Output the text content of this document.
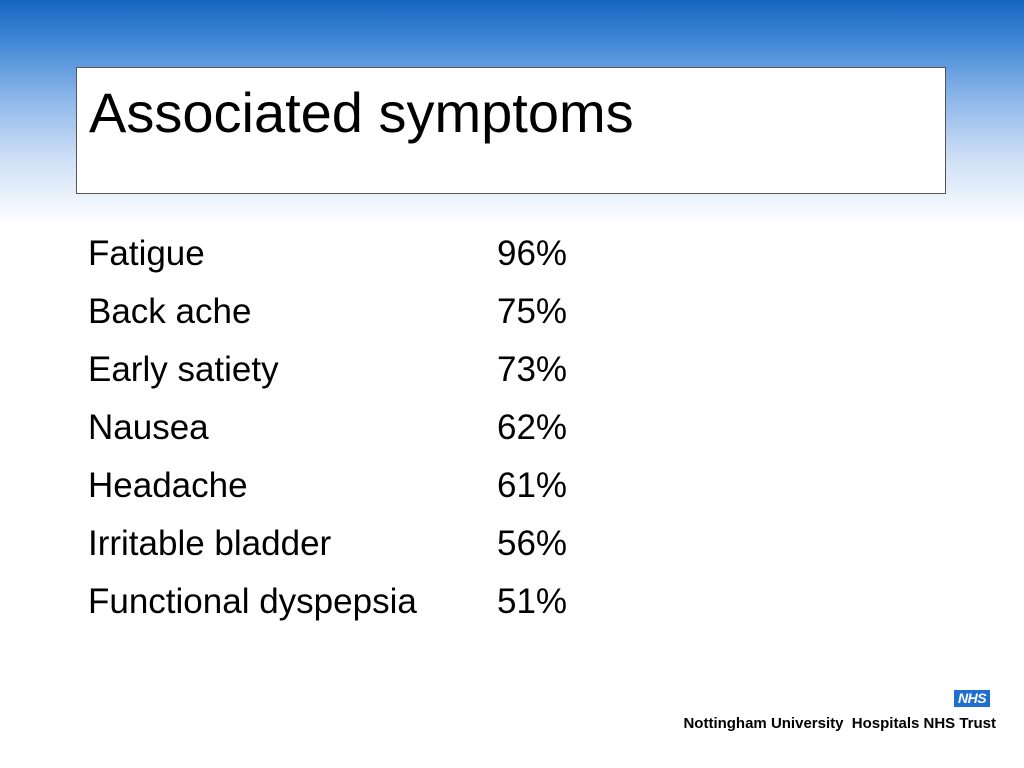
Associated symptoms
Fatigue	96%
Back ache	75%
Early satiety	73%
Nausea	62%
Headache	61%
Irritable bladder	56%
Functional dyspepsia 51%
NHS
Nottingham University  Hospitals NHS Trust
